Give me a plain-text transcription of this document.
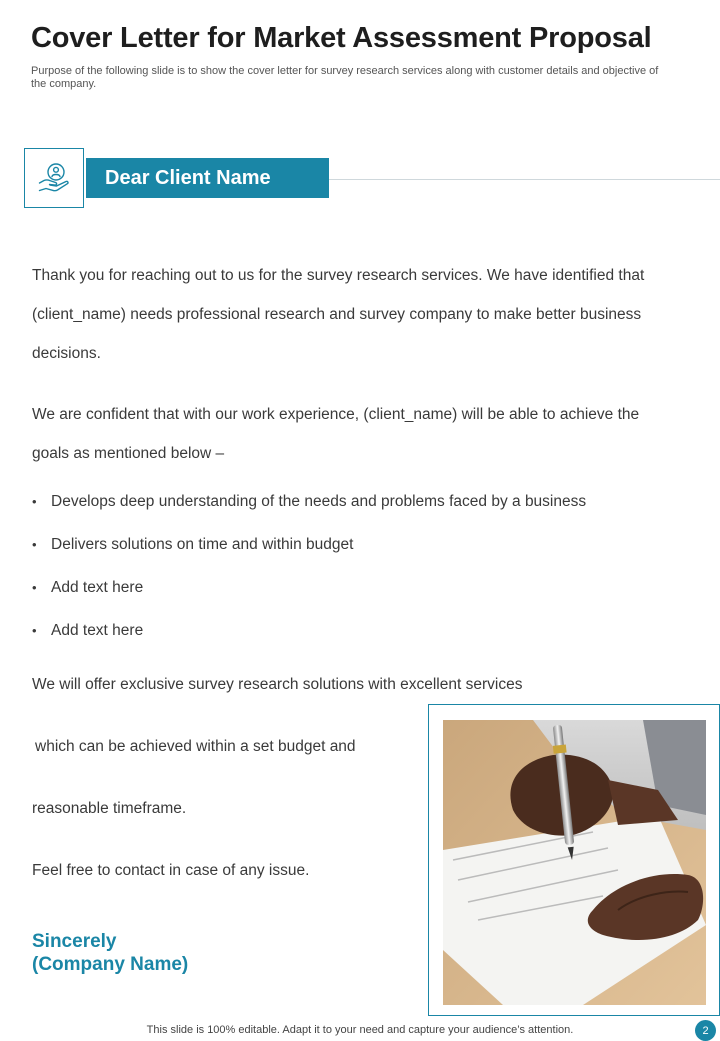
Cover Letter for Market Assessment Proposal
Purpose of the following slide is to show the cover letter for survey research services along with customer details and objective of the company.
Dear Client Name
Thank you for reaching out to us for the survey research services. We have identified that (client_name) needs professional research and survey company to make better business decisions.
We are confident that with our work experience, (client_name) will be able to achieve the goals as mentioned below –
• Develops deep understanding of the needs and problems faced by a business
• Delivers solutions on time and within budget
• Add text here
• Add text here
We will offer exclusive survey research solutions with excellent services
which can be achieved within a set budget and
reasonable timeframe.
Feel free to contact in case of any issue.
Sincerely
(Company Name)
This slide is 100% editable. Adapt it to your need and capture your audience’s attention.	2
